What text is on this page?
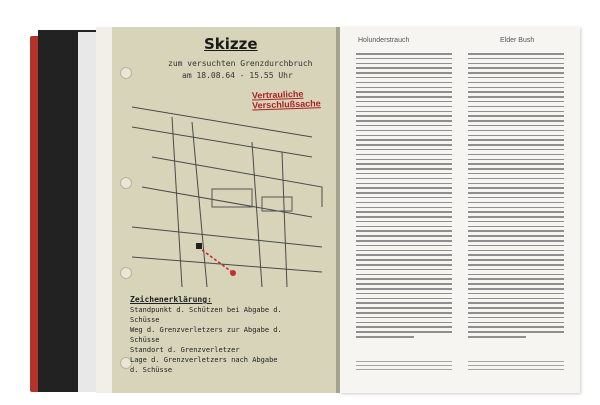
Skizze
zum versuchten Grenzdurchbruch
am 18.08.64 - 15.55 Uhr
Vertrauliche Verschlußsache
Zeichenerklärung:
Standpunkt d. Schützen bei Abgabe d. Schüsse
Weg d. Grenzverletzers zur Abgabe d. Schüsse
Standort d. Grenzverletzer
Lage d. Grenzverletzers nach Abgabe d. Schüsse
Holunderstrauch	Elder Bush
